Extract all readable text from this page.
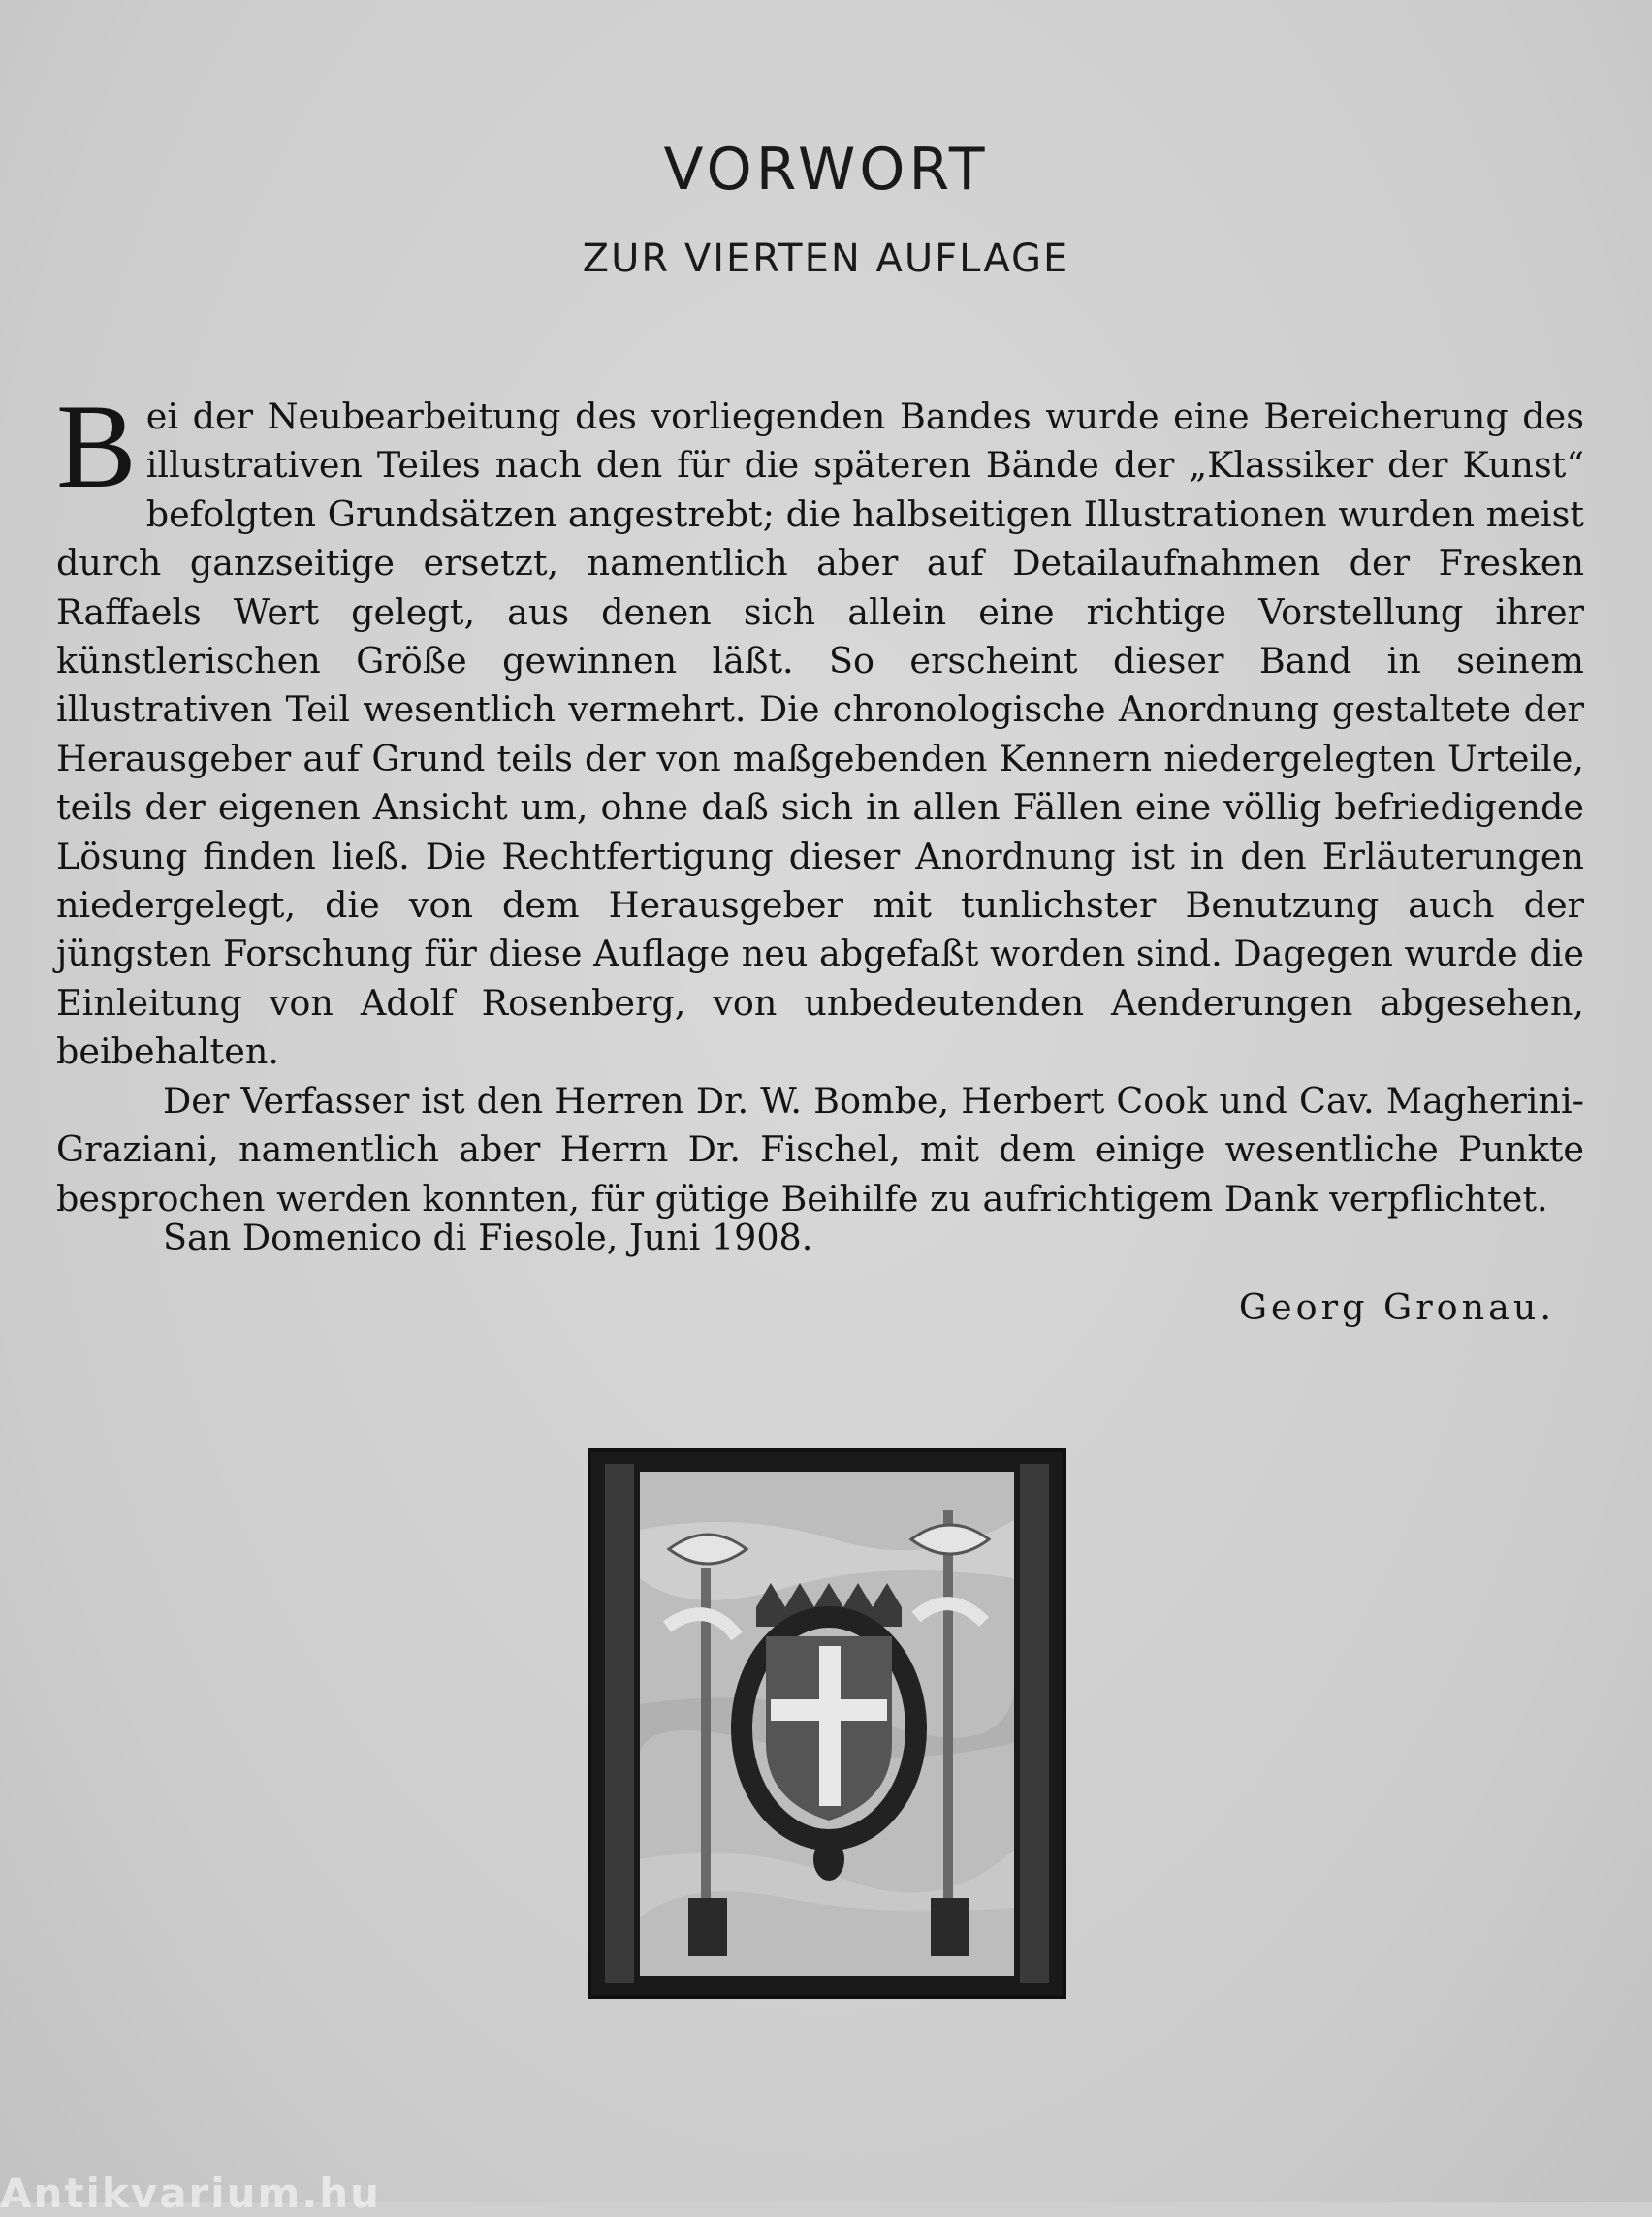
VORWORT
ZUR VIERTEN AUFLAGE

Bei der Neubearbeitung des vorliegenden Bandes wurde eine Bereicherung des illustrativen Teiles nach den für die späteren Bände der „Klassiker der Kunst“ befolgten Grundsätzen angestrebt; die halbseitigen Illustrationen wurden meist durch ganzseitige ersetzt, namentlich aber auf Detailaufnahmen der Fresken Raffaels Wert gelegt, aus denen sich allein eine richtige Vorstellung ihrer künstlerischen Größe gewinnen läßt. So erscheint dieser Band in seinem illustrativen Teil wesentlich vermehrt. Die chronologische Anordnung gestaltete der Herausgeber auf Grund teils der von maßgebenden Kennern niedergelegten Urteile, teils der eigenen Ansicht um, ohne daß sich in allen Fällen eine völlig befriedigende Lösung finden ließ. Die Rechtfertigung dieser Anordnung ist in den Erläuterungen niedergelegt, die von dem Herausgeber mit tunlichster Benutzung auch der jüngsten Forschung für diese Auflage neu abgefaßt worden sind. Dagegen wurde die Einleitung von Adolf Rosenberg, von unbedeutenden Aenderungen abgesehen, beibehalten.

Der Verfasser ist den Herren Dr. W. Bombe, Herbert Cook und Cav. Magherini-Graziani, namentlich aber Herrn Dr. Fischel, mit dem einige wesentliche Punkte besprochen werden konnten, für gütige Beihilfe zu aufrichtigem Dank verpflichtet.

San Domenico di Fiesole, Juni 1908.
Georg Gronau.
Antikvarium.hu
